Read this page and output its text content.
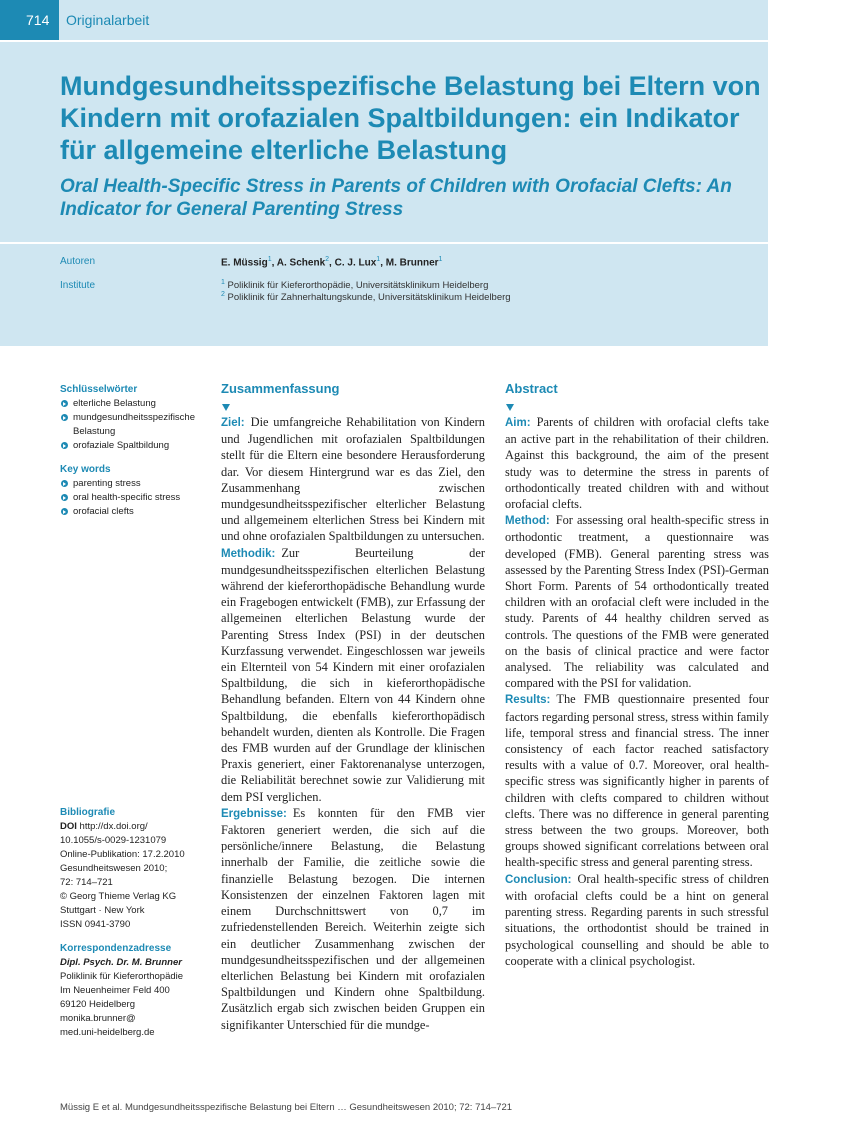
714	Originalarbeit
Mundgesundheitsspezifische Belastung bei Eltern von Kindern mit orofazialen Spaltbildungen: ein Indikator für allgemeine elterliche Belastung
Oral Health-Specific Stress in Parents of Children with Orofacial Clefts: An Indicator for General Parenting Stress
Autoren
Institute
E. Müssig$^1$, A. Schenk$^2$, C. J. Lux$^1$, M. Brunner$^1$
$^1$ Poliklinik für Kieferorthopädie, Universitätsklinikum Heidelberg
$^2$ Poliklinik für Zahnerhaltungskunde, Universitätsklinikum Heidelberg
Schlüsselwörter
elterliche Belastung
mundgesundheitsspezifische Belastung
orofaziale Spaltbildung
Key words
parenting stress
oral health-specific stress
orofacial clefts
Bibliografie
DOI http://dx.doi.org/
10.1055/s-0029-1231079
Online-Publikation: 17.2.2010
Gesundheitswesen 2010;
72: 714–721
© Georg Thieme Verlag KG
Stuttgart · New York
ISSN 0941-3790
Korrespondenzadresse
Dipl. Psych. Dr. M. Brunner
Poliklinik für Kieferorthopädie
Im Neuenheimer Feld 400
69120 Heidelberg
monika.brunner@
med.uni-heidelberg.de
Zusammenfassung

Ziel: Die umfangreiche Rehabilitation von Kindern und Jugendlichen mit orofazialen Spaltbildungen stellt für die Eltern eine besondere Herausforderung dar. Vor diesem Hintergrund war es das Ziel, den Zusammenhang zwischen mundgesundheitsspezifischer elterlicher Belastung und allgemeinem elterlichen Stress bei Kindern mit und ohne orofazialen Spaltbildungen zu untersuchen.

Methodik: Zur Beurteilung der mundgesundheitsspezifischen elterlichen Belastung während der kieferorthopädische Behandlung wurde ein Fragebogen entwickelt (FMB), zur Erfassung der allgemeinen elterlichen Belastung wurde der Parenting Stress Index (PSI) in der deutschen Kurzfassung verwendet. Eingeschlossen war jeweils ein Elternteil von 54 Kindern mit einer orofazialen Spaltbildung, die sich in kieferorthopädische Behandlung befanden. Eltern von 44 Kindern ohne Spaltbildung, die ebenfalls kieferorthopädisch behandelt wurden, dienten als Kontrolle. Die Fragen des FMB wurden auf der Grundlage der klinischen Praxis generiert, einer Faktorenanalyse unterzogen, die Reliabilität berechnet sowie zur Validierung mit dem PSI verglichen.

Ergebnisse: Es konnten für den FMB vier Faktoren generiert werden, die sich auf die persönliche/innere Belastung, die Belastung innerhalb der Familie, die zeitliche sowie die finanzielle Belastung bezogen. Die internen Konsistenzen der einzelnen Faktoren lagen mit einem Durchschnittswert von 0,7 im zufriedenstellenden Bereich. Weiterhin zeigte sich ein deutlicher Zusammenhang zwischen der mundgesundheitsspezifischen und der allgemeinen elterlichen Belastung bei Kindern mit orofazialen Spaltbildungen und Kindern ohne Spaltbildung. Zusätzlich ergab sich zwischen beiden Gruppen ein signifikanter Unterschied für die mundge-

Abstract

Aim: Parents of children with orofacial clefts take an active part in the rehabilitation of their children. Against this background, the aim of the present study was to determine the stress in parents of orthodontically treated children with and without orofacial clefts.

Method: For assessing oral health-specific stress in orthodontic treatment, a questionnaire was developed (FMB). General parenting stress was assessed by the Parenting Stress Index (PSI)-German Short Form. Parents of 54 orthodontically treated children with an orofacial cleft were included in the study. Parents of 44 healthy children served as controls. The questions of the FMB were generated on the basis of clinical practice and were factor analysed. The reliability was calculated and compared with the PSI for validation.

Results: The FMB questionnaire presented four factors regarding personal stress, stress within family life, temporal stress and financial stress. The inner consistency of each factor reached satisfactory results with a value of 0.7. Moreover, oral health-specific stress was significantly higher in parents of children with clefts compared to children without clefts. There was no difference in general parenting stress between the two groups. Moreover, both groups showed significant correlations between oral health-specific stress and general parenting stress.

Conclusion: Oral health-specific stress of children with orofacial clefts could be a hint on general parenting stress. Regarding parents in such stressful situations, the orthodontist should be trained in psychological counselling and should be able to cooperate with a clinical psychologist.

Müssig E et al. Mundgesundheitsspezifische Belastung bei Eltern … Gesundheitswesen 2010; 72: 714–721
